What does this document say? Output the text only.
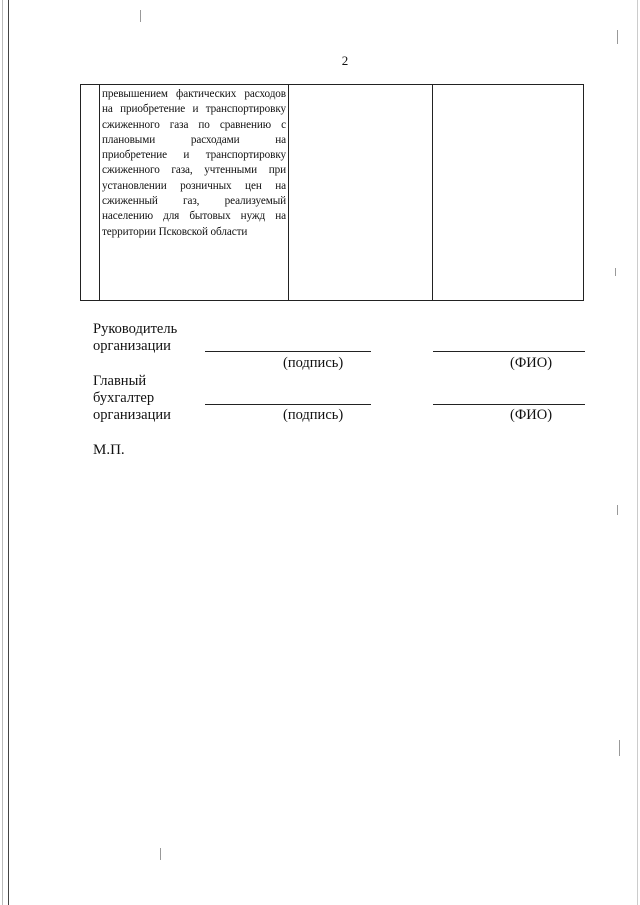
2

превышением фактических расходов на приобретение и транспортировку сжиженного газа по сравнению с плановыми расходами на приобретение и транспортировку сжиженного газа, учтенными при установлении розничных цен на сжиженный газ, реализуемый населению для бытовых нужд на территории Псковской области

Руководитель
организации
(подпись)	(ФИО)
Главный
бухгалтер
организации	(подпись)	(ФИО)
М.П.
